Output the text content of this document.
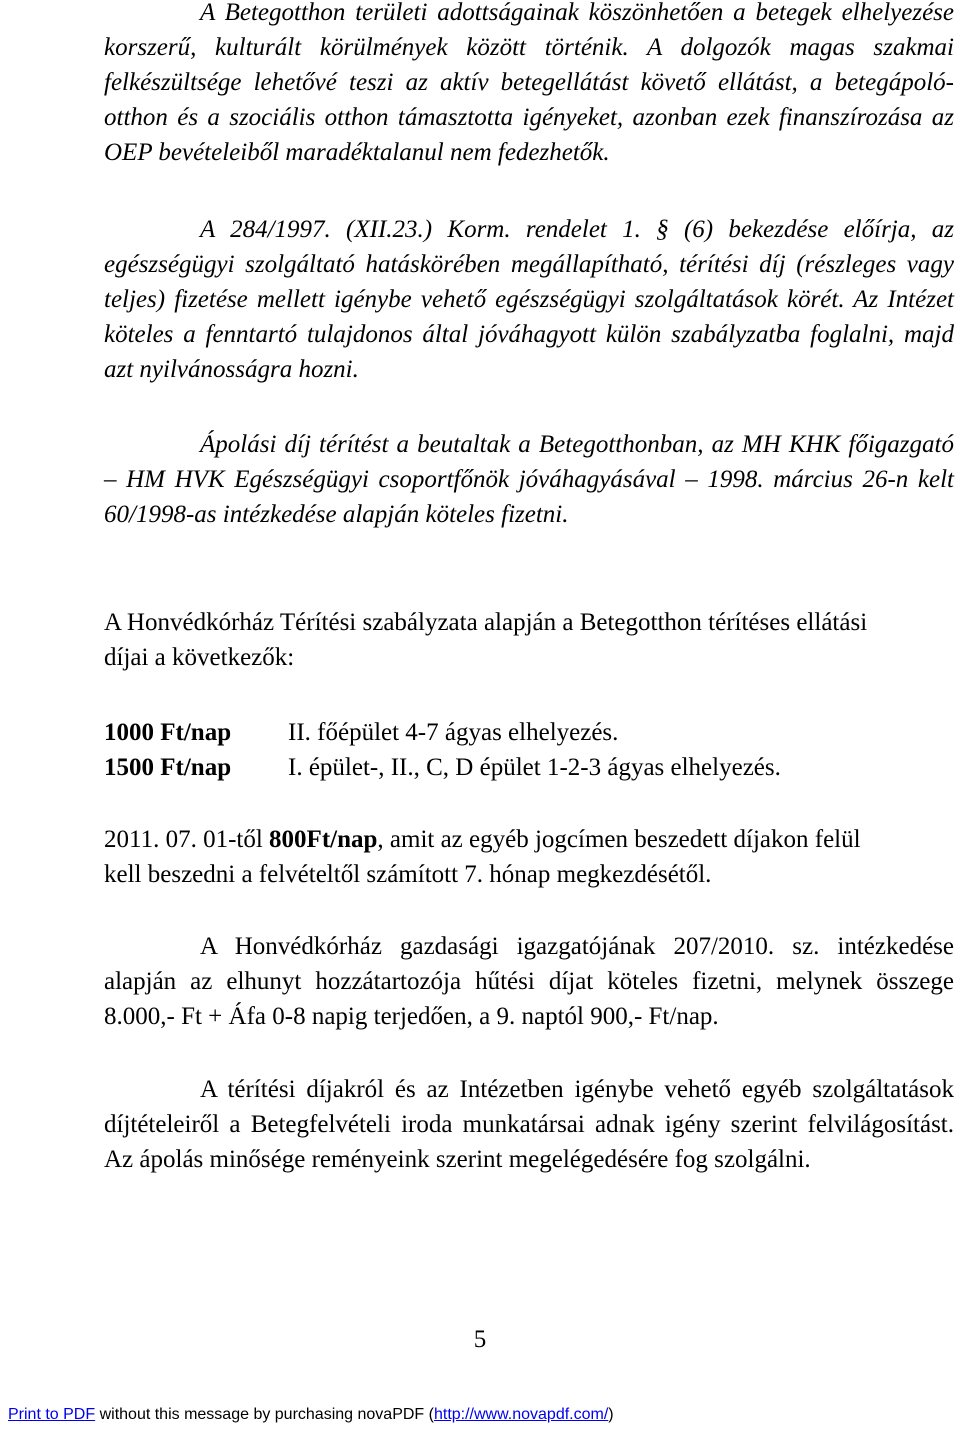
A Betegotthon területi adottságainak köszönhetően a betegek elhelyezése korszerű, kulturált körülmények között történik. A dolgozók magas szakmai felkészültsége lehetővé teszi az aktív betegellátást követő ellátást, a betegápoló-otthon és a szociális otthon támasztotta igényeket, azonban ezek finanszírozása az OEP bevételeiből maradéktalanul nem fedezhetők.

A 284/1997. (XII.23.) Korm. rendelet 1. § (6) bekezdése előírja, az egészségügyi szolgáltató hatáskörében megállapítható, térítési díj (részleges vagy teljes) fizetése mellett igénybe vehető egészségügyi szolgáltatások körét. Az Intézet köteles a fenntartó tulajdonos által jóváhagyott külön szabályzatba foglalni, majd azt nyilvánosságra hozni.

Ápolási díj térítést a beutaltak a Betegotthonban, az MH KHK főigazgató – HM HVK Egészségügyi csoportfőnök jóváhagyásával – 1998. március 26-n kelt 60/1998-as intézkedése alapján köteles fizetni.

A Honvédkórház Térítési szabályzata alapján a Betegotthon térítéses ellátási díjai a következők:

1000 Ft/nap II. főépület 4-7 ágyas elhelyezés.
1500 Ft/nap I. épület-, II., C, D épület 1-2-3 ágyas elhelyezés.

2011. 07. 01-től 800Ft/nap, amit az egyéb jogcímen beszedett díjakon felül kell beszedni a felvételtől számított 7. hónap megkezdésétől.

A Honvédkórház gazdasági igazgatójának 207/2010. sz. intézkedése alapján az elhunyt hozzátartozója hűtési díjat köteles fizetni, melynek összege 8.000,- Ft + Áfa 0-8 napig terjedően, a 9. naptól 900,- Ft/nap.

A térítési díjakról és az Intézetben igénybe vehető egyéb szolgáltatások díjtételeiről a Betegfelvételi iroda munkatársai adnak igény szerint felvilágosítást. Az ápolás minősége reményeink szerint megelégedésére fog szolgálni.

5
Print to PDF without this message by purchasing novaPDF (http://www.novapdf.com/)
